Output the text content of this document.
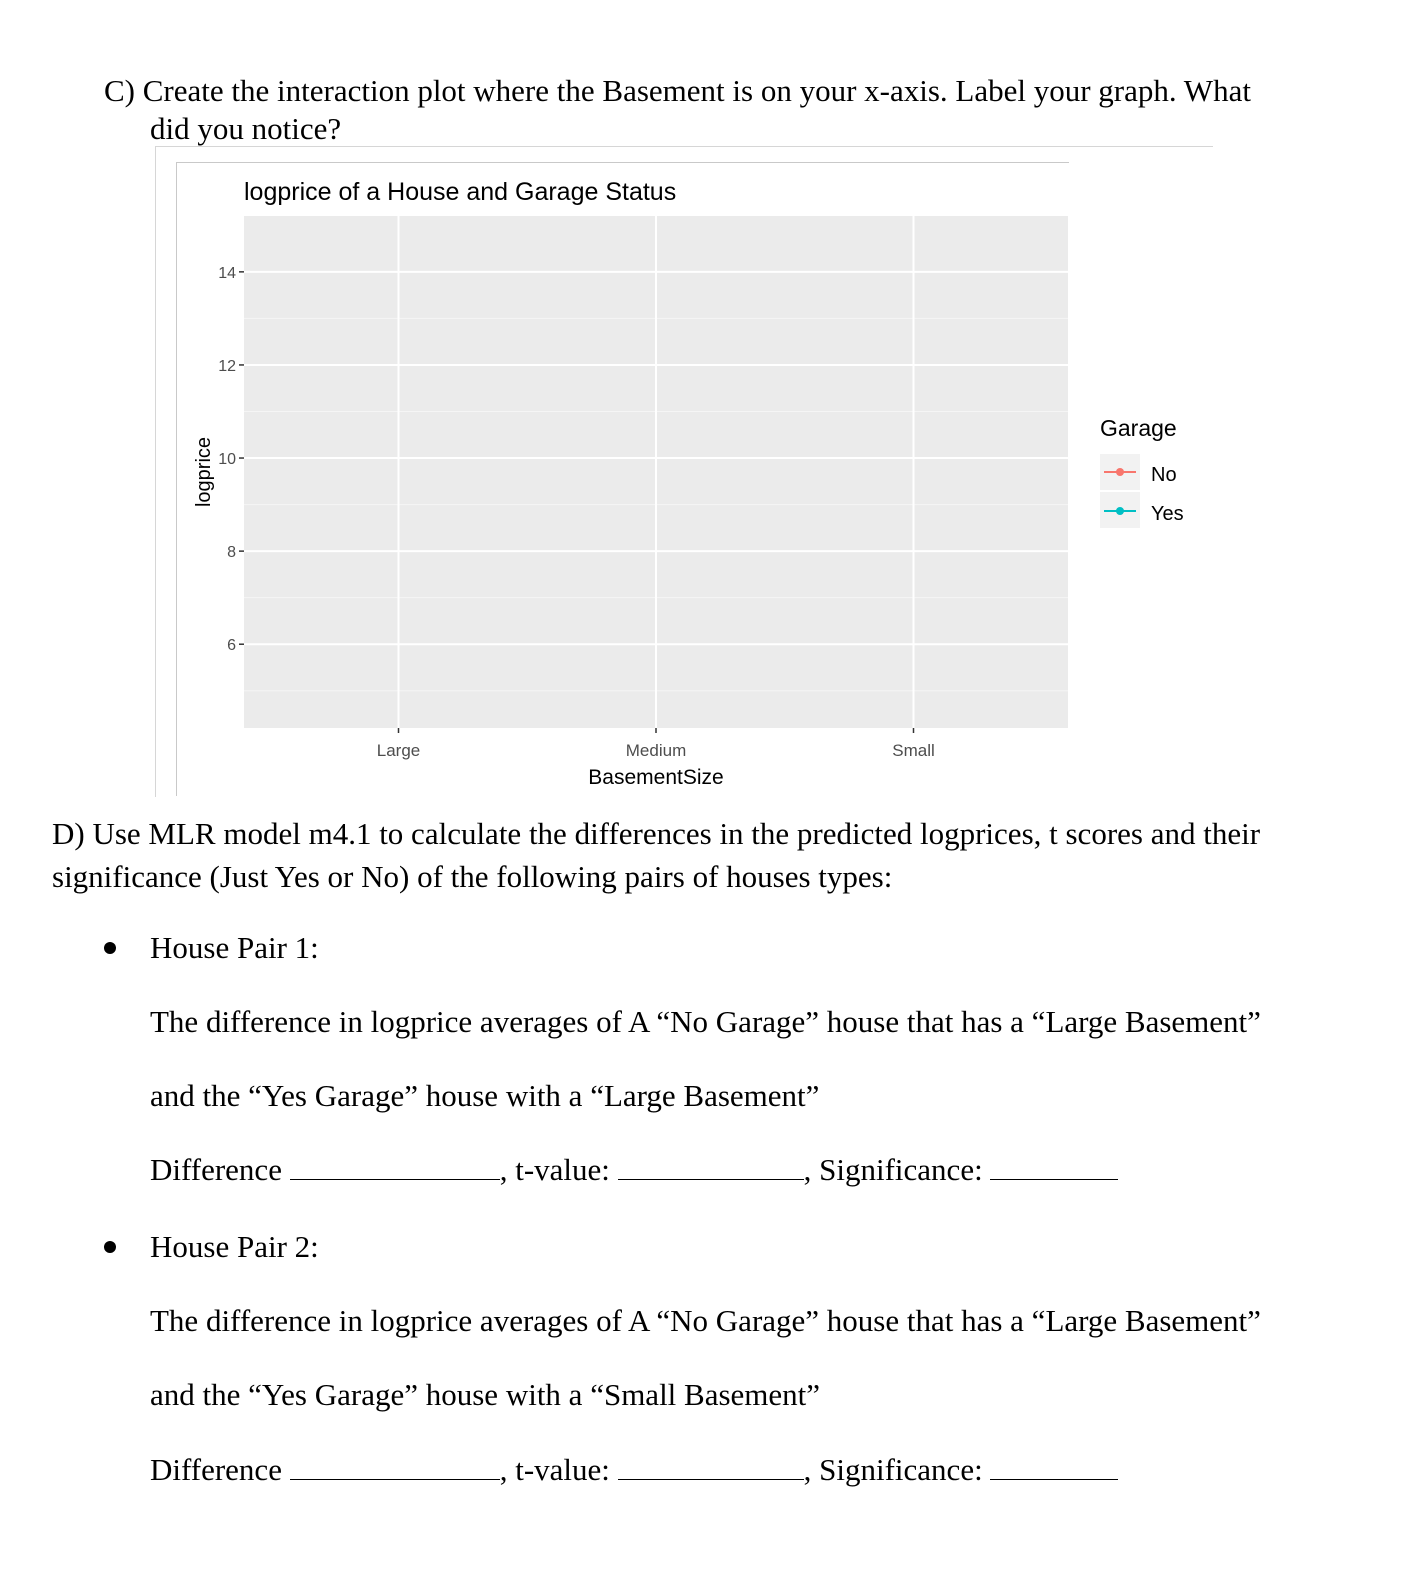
C) Create the interaction plot where the Basement is on your x-axis. Label your graph. What
did you notice?
6
8
10
12
14
Large	Medium	Small
logprice of a House and Garage Status
BasementSize
logprice
Garage
No
Yes
D) Use MLR model m4.1 to calculate the differences in the predicted logprices, t scores and their
significance (Just Yes or No) of the following pairs of houses types:
House Pair 1:
The difference in logprice averages of A “No Garage” house that has a “Large Basement”
and the “Yes Garage” house with a “Large Basement”
Difference	, t-value:	, Significance:
House Pair 2:
The difference in logprice averages of A “No Garage” house that has a “Large Basement”
and the “Yes Garage” house with a “Small Basement”
Difference	, t-value:	, Significance:
